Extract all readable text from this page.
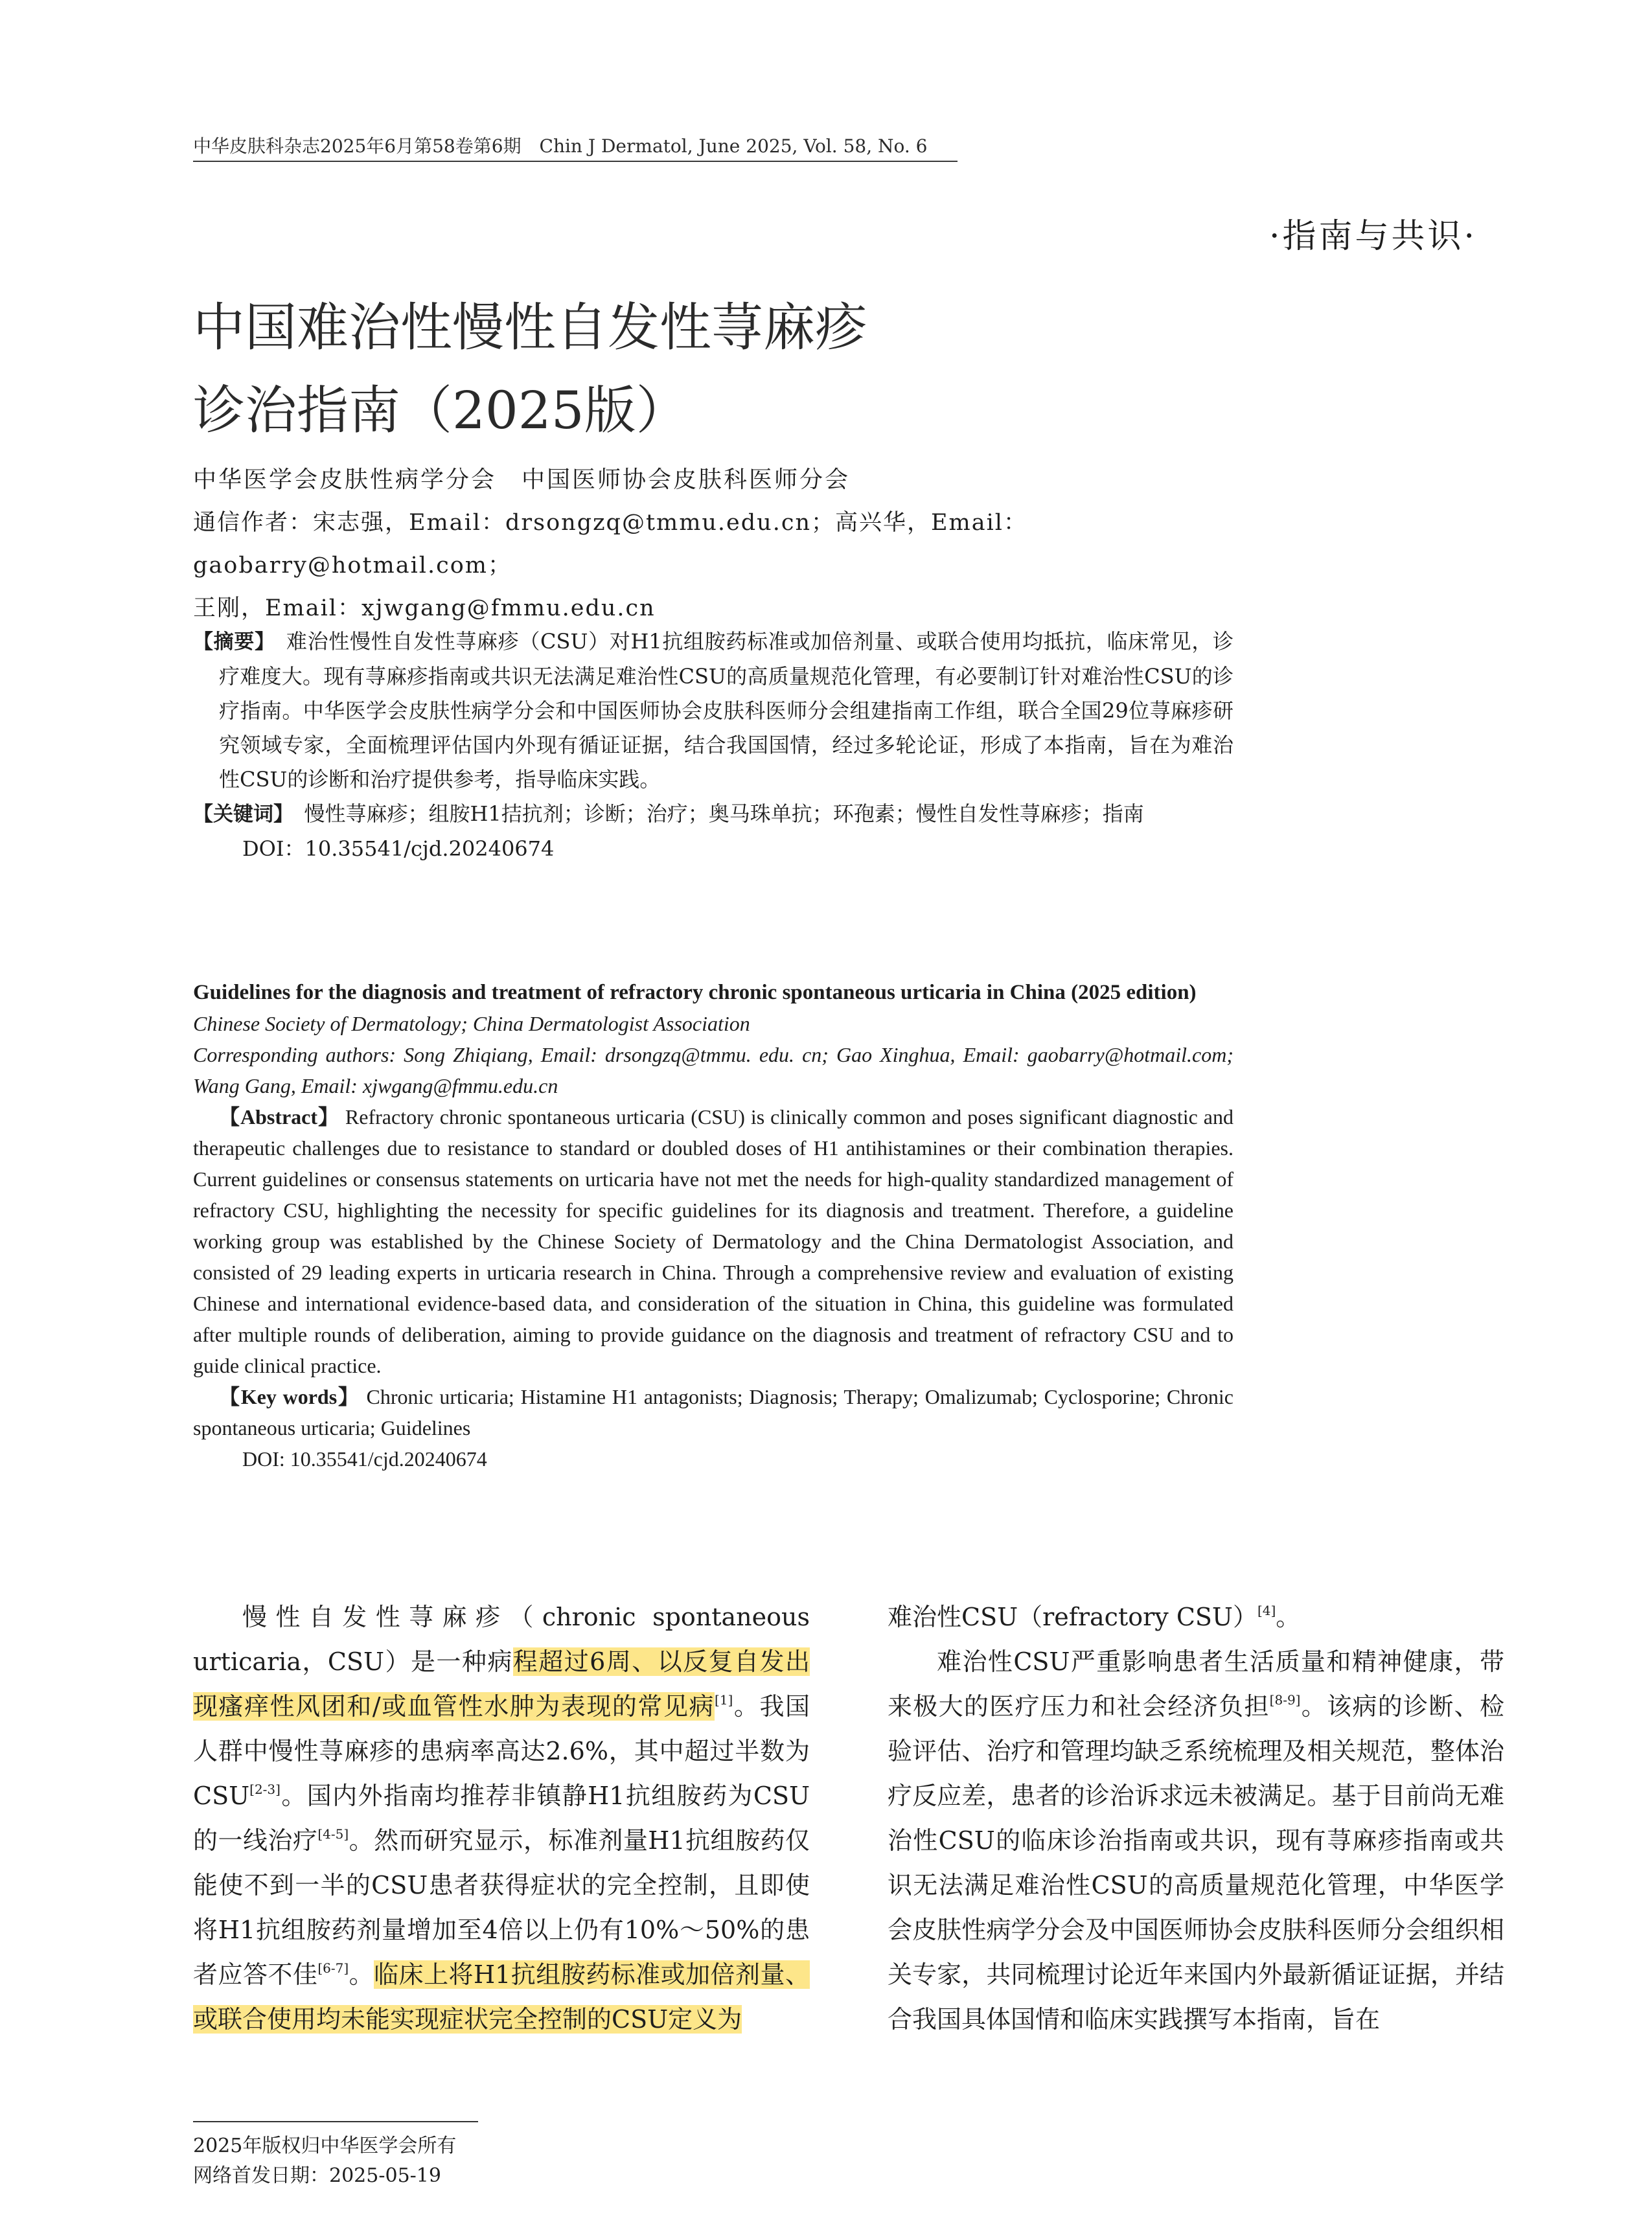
中华皮肤科杂志2025年6月第58卷第6期　Chin J Dermatol, June 2025, Vol. 58, No. 6
·指南与共识·
中国难治性慢性自发性荨麻疹
诊治指南（2025版）
中华医学会皮肤性病学分会　中国医师协会皮肤科医师分会
通信作者：宋志强，Email：drsongzq@tmmu.edu.cn；高兴华，Email：gaobarry@hotmail.com；
王刚，Email：xjwgang@fmmu.edu.cn

【摘要】　 难治性慢性自发性荨麻疹（CSU）对H1抗组胺药标准或加倍剂量、或联合使用均抵抗，临床常见，诊疗难度大。现有荨麻疹指南或共识无法满足难治性CSU的高质量规范化管理，有必要制订针对难治性CSU的诊疗指南。中华医学会皮肤性病学分会和中国医师协会皮肤科医师分会组建指南工作组，联合全国29位荨麻疹研究领域专家，全面梳理评估国内外现有循证证据，结合我国国情，经过多轮论证，形成了本指南，旨在为难治性CSU的诊断和治疗提供参考，指导临床实践。

【关键词】　 慢性荨麻疹；组胺H1拮抗剂；诊断；治疗；奥马珠单抗；环孢素；慢性自发性荨麻疹；指南

DOI：10.35541/cjd.20240674

Guidelines for the diagnosis and treatment of refractory chronic spontaneous urticaria in China (2025 edition)

Chinese Society of Dermatology; China Dermatologist Association

Corresponding authors: Song Zhiqiang, Email: drsongzq@tmmu. edu. cn; Gao Xinghua, Email: gaobarry@hotmail.com; Wang Gang, Email: xjwgang@fmmu.edu.cn

【Abstract】 Refractory chronic spontaneous urticaria (CSU) is clinically common and poses significant diagnostic and therapeutic challenges due to resistance to standard or doubled doses of H1 antihistamines or their combination therapies. Current guidelines or consensus statements on urticaria have not met the needs for high-quality standardized management of refractory CSU, highlighting the necessity for specific guidelines for its diagnosis and treatment. Therefore, a guideline working group was established by the Chinese Society of Dermatology and the China Dermatologist Association, and consisted of 29 leading experts in urticaria research in China. Through a comprehensive review and evaluation of existing Chinese and international evidence-based data, and consideration of the situation in China, this guideline was formulated after multiple rounds of deliberation, aiming to provide guidance on the diagnosis and treatment of refractory CSU and to guide clinical practice.

【Key words】 Chronic urticaria; Histamine H1 antagonists; Diagnosis; Therapy; Omalizumab; Cyclosporine; Chronic spontaneous urticaria; Guidelines

DOI: 10.35541/cjd.20240674

慢性自发性荨麻疹（chronic spontaneous urticaria，CSU）是一种病程超过6周、以反复自发出现瘙痒性风团和/或血管性水肿为表现的常见病[1]。我国人群中慢性荨麻疹的患病率高达2.6%，其中超过半数为CSU[2-3]。国内外指南均推荐非镇静H1抗组胺药为CSU的一线治疗[4-5]。然而研究显示，标准剂量H1抗组胺药仅能使不到一半的CSU患者获得症状的完全控制，且即使将H1抗组胺药剂量增加至4倍以上仍有10%～50%的患者应答不佳[6-7]。临床上将H1抗组胺药标准或加倍剂量、或联合使用均未能实现症状完全控制的CSU定义为

难治性CSU（refractory CSU）[4]。

难治性CSU严重影响患者生活质量和精神健康，带来极大的医疗压力和社会经济负担[8-9]。该病的诊断、检验评估、治疗和管理均缺乏系统梳理及相关规范，整体治疗反应差，患者的诊治诉求远未被满足。基于目前尚无难治性CSU的临床诊治指南或共识，现有荨麻疹指南或共识无法满足难治性CSU的高质量规范化管理，中华医学会皮肤性病学分会及中国医师协会皮肤科医师分会组织相关专家，共同梳理讨论近年来国内外最新循证证据，并结合我国具体国情和临床实践撰写本指南，旨在

2025年版权归中华医学会所有
网络首发日期：2025-05-19
